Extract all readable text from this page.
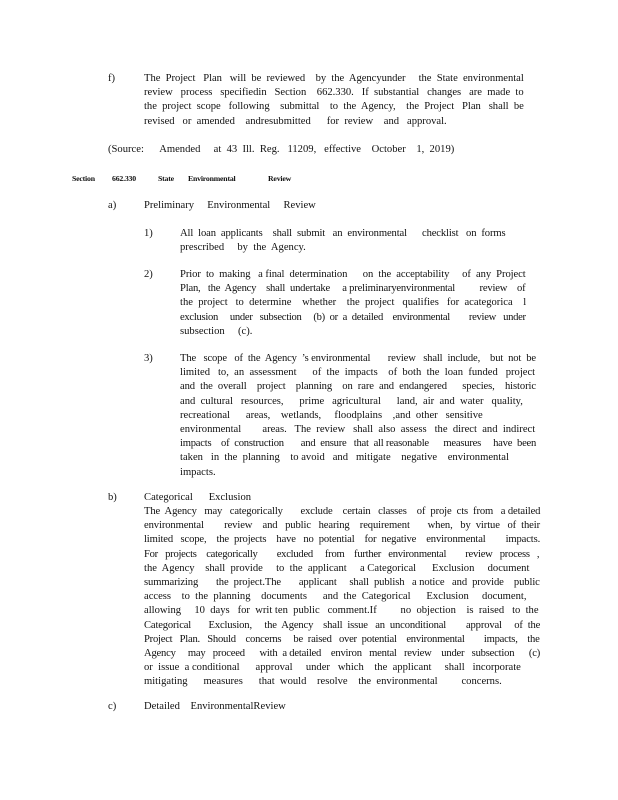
f)	The  Project   Plan   will  be  reviewed    by  the  Agencyunder     the  State  environmental
review   process   specifiedin   Section    662.330.   If  substantial   changes   are  made  to
the  project  scope   following    submittal    to  the  Agency,    the  Project   Plan   shall  be
revised   or  amended    andresubmitted      for  review    and   approval.
(Source:      Amended     at  43  Ill.  Reg.   11209,   effective    October    1,  2019)
Section 662.330	State Environmental	Review
a)	Preliminary     Environmental     Review
1)	All  loan  applicants    shall  submit   an  environmental      checklist   on  forms
prescribed     by  the  Agency.
2)	Prior  to  making   a final  determination      on  the  acceptability     of  any  Project
Plan,   the  Agency    shall  undertake     a preliminaryenvironmental          review    of
the  project   to  determine    whether    the  project   qualifies   for  acategorica    l
exclusion     under   subsection     (b)  or  a  detailed    environmental        review   under
subsection     (c).
3)	The   scope   of  the  Agency  ’s environmental       review   shall  include,    but  not  be
limited   to,  an  assessment      of  the  impacts    of  both  the  loan  funded   project
and  the  overall    project    planning    on  rare  and  endangered      species,    historic
and  cultural   resources,      prime   agricultural      land,  air  and  water   quality,
recreational      areas,    wetlands,     floodplains    ,and  other   sensitive
environmental        areas.   The  review   shall  also  assess   the  direct  and  indirect
impacts    of  construction       and  ensure   that  all reasonable      measures     have  been
taken   in  the  planning    to avoid   and   mitigate    negative    environmental
impacts.
b)	Categorical      Exclusion
The  Agency   may   categorically       exclude    certain   classes    of  proje  cts  from   a detailed
environmental        review    and   public   hearing    requirement       when,   by  virtue   of  their
limited   scope,    the  projects    have   no  potential    for  negative    environmental        impacts.
For   projects    categorically        excluded     from    further   environmental        review   process   ,
the  Agency    shall  provide     to  the  applicant     a Categorical      Exclusion     document
summarizing       the  project.The       applicant     shall  publish   a notice   and  provide    public
access    to  the  planning    documents      and  the  Categorical      Exclusion     document,
allowing     10  days   for  writ ten  public   comment.If         no  objection    is  raised   to  the
Categorical       Exclusion,     the  Agency    shall  issue   an  unconditional        approval     of  the
Project   Plan.   Should    concerns     be  raised   over  potential    environmental        impacts,    the
Agency     may   proceed      with  a detailed    environ   mental   review    under   subsection      (c)
or  issue  a conditional      approval     under   which    the  applicant     shall   incorporate
mitigating      measures      that  would    resolve    the  environmental         concerns.
c)	Detailed    EnvironmentalReview
